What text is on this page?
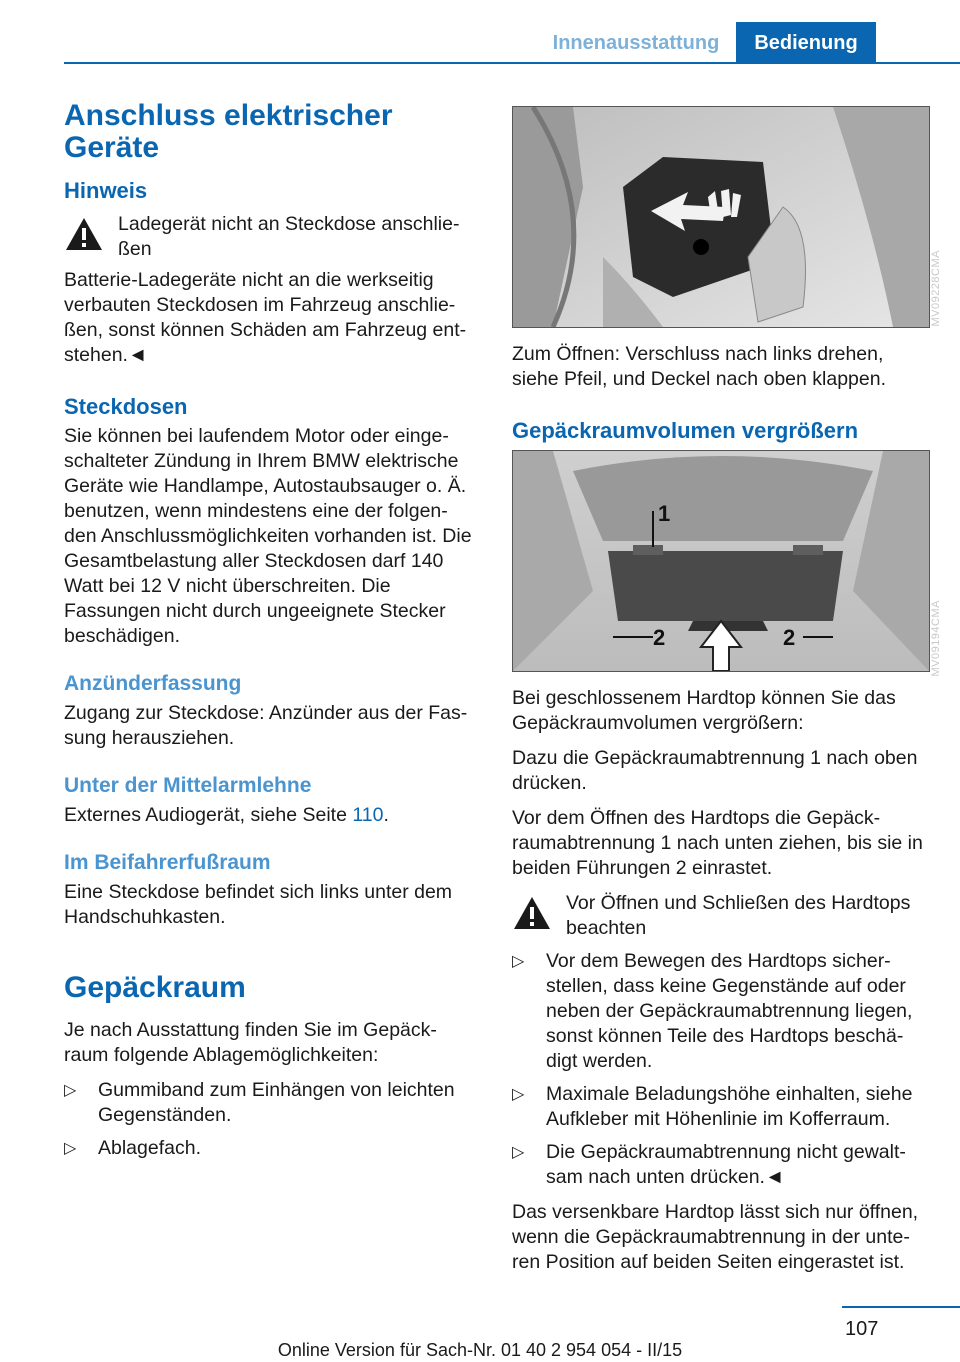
Innenausstattung	Bedienung
Anschluss elektrischer Geräte
Hinweis
Ladegerät nicht an Steckdose anschlie-ßen

Batterie-Ladegeräte nicht an die werkseitig verbauten Steckdosen im Fahrzeug anschlie-ßen, sonst können Schäden am Fahrzeug ent-stehen.◄

Steckdosen

Sie können bei laufendem Motor oder einge-schalteter Zündung in Ihrem BMW elektrische Geräte wie Handlampe, Autostaubsauger o. Ä. benutzen, wenn mindestens eine der folgen-den Anschlussmöglichkeiten vorhanden ist. Die Gesamtbelastung aller Steckdosen darf 140 Watt bei 12 V nicht überschreiten. Die Fassungen nicht durch ungeeignete Stecker beschädigen.

Anzünderfassung

Zugang zur Steckdose: Anzünder aus der Fas-sung herausziehen.

Unter der Mittelarmlehne

Externes Audiogerät, siehe Seite 110.

Im Beifahrerfußraum

Eine Steckdose befindet sich links unter dem Handschuhkasten.

Gepäckraum

Je nach Ausstattung finden Sie im Gepäck-raum folgende Ablagemöglichkeiten:

▷	Gummiband zum Einhängen von leichten Gegenständen.
▷	Ablagefach.

Zum Öffnen: Verschluss nach links drehen, siehe Pfeil, und Deckel nach oben klappen.

Gepäckraumvolumen vergrößern
1
2	2

Bei geschlossenem Hardtop können Sie das Gepäckraumvolumen vergrößern:

Dazu die Gepäckraumabtrennung 1 nach oben drücken.

Vor dem Öffnen des Hardtops die Gepäck-raumabtrennung 1 nach unten ziehen, bis sie in beiden Führungen 2 einrastet.

Vor Öffnen und Schließen des Hardtops beachten
▷	Vor dem Bewegen des Hardtops sicher-stellen, dass keine Gegenstände auf oder neben der Gepäckraumabtrennung liegen, sonst können Teile des Hardtops beschä-digt werden.
▷	Maximale Beladungshöhe einhalten, siehe Aufkleber mit Höhenlinie im Kofferraum.
▷	Die Gepäckraumabtrennung nicht gewalt-sam nach unten drücken.◄

Das versenkbare Hardtop lässt sich nur öffnen, wenn die Gepäckraumabtrennung in der unte-ren Position auf beiden Seiten eingerastet ist.

MV09228CMA
MV09194CMA
107
Online Version für Sach-Nr. 01 40 2 954 054 - II/15
